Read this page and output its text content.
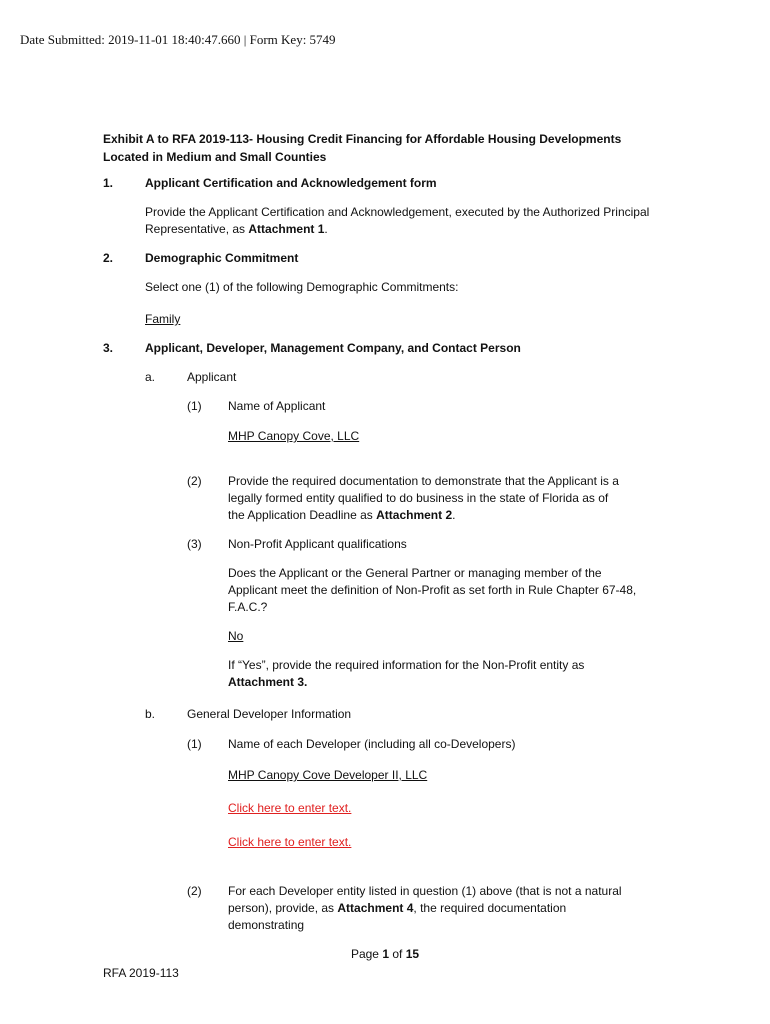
Date Submitted: 2019-11-01 18:40:47.660 | Form Key: 5749
Exhibit A to RFA 2019-113- Housing Credit Financing for Affordable Housing Developments Located in Medium and Small Counties
1.	Applicant Certification and Acknowledgement form
Provide the Applicant Certification and Acknowledgement, executed by the Authorized Principal Representative, as Attachment 1.
2.	Demographic Commitment
Select one (1) of the following Demographic Commitments:
Family
3.	Applicant, Developer, Management Company, and Contact Person
a.	Applicant
(1) Name of Applicant
MHP Canopy Cove, LLC
(2) Provide the required documentation to demonstrate that the Applicant is a legally formed entity qualified to do business in the state of Florida as of the Application Deadline as Attachment 2.
(3) Non-Profit Applicant qualifications
Does the Applicant or the General Partner or managing member of the Applicant meet the definition of Non-Profit as set forth in Rule Chapter 67-48, F.A.C.?
No
If “Yes”, provide the required information for the Non-Profit entity as Attachment 3.
b.	General Developer Information
(1) Name of each Developer (including all co-Developers)
MHP Canopy Cove Developer II, LLC
Click here to enter text.
Click here to enter text.
(2) For each Developer entity listed in question (1) above (that is not a natural person), provide, as Attachment 4, the required documentation demonstrating
Page 1 of 15
RFA 2019-113
